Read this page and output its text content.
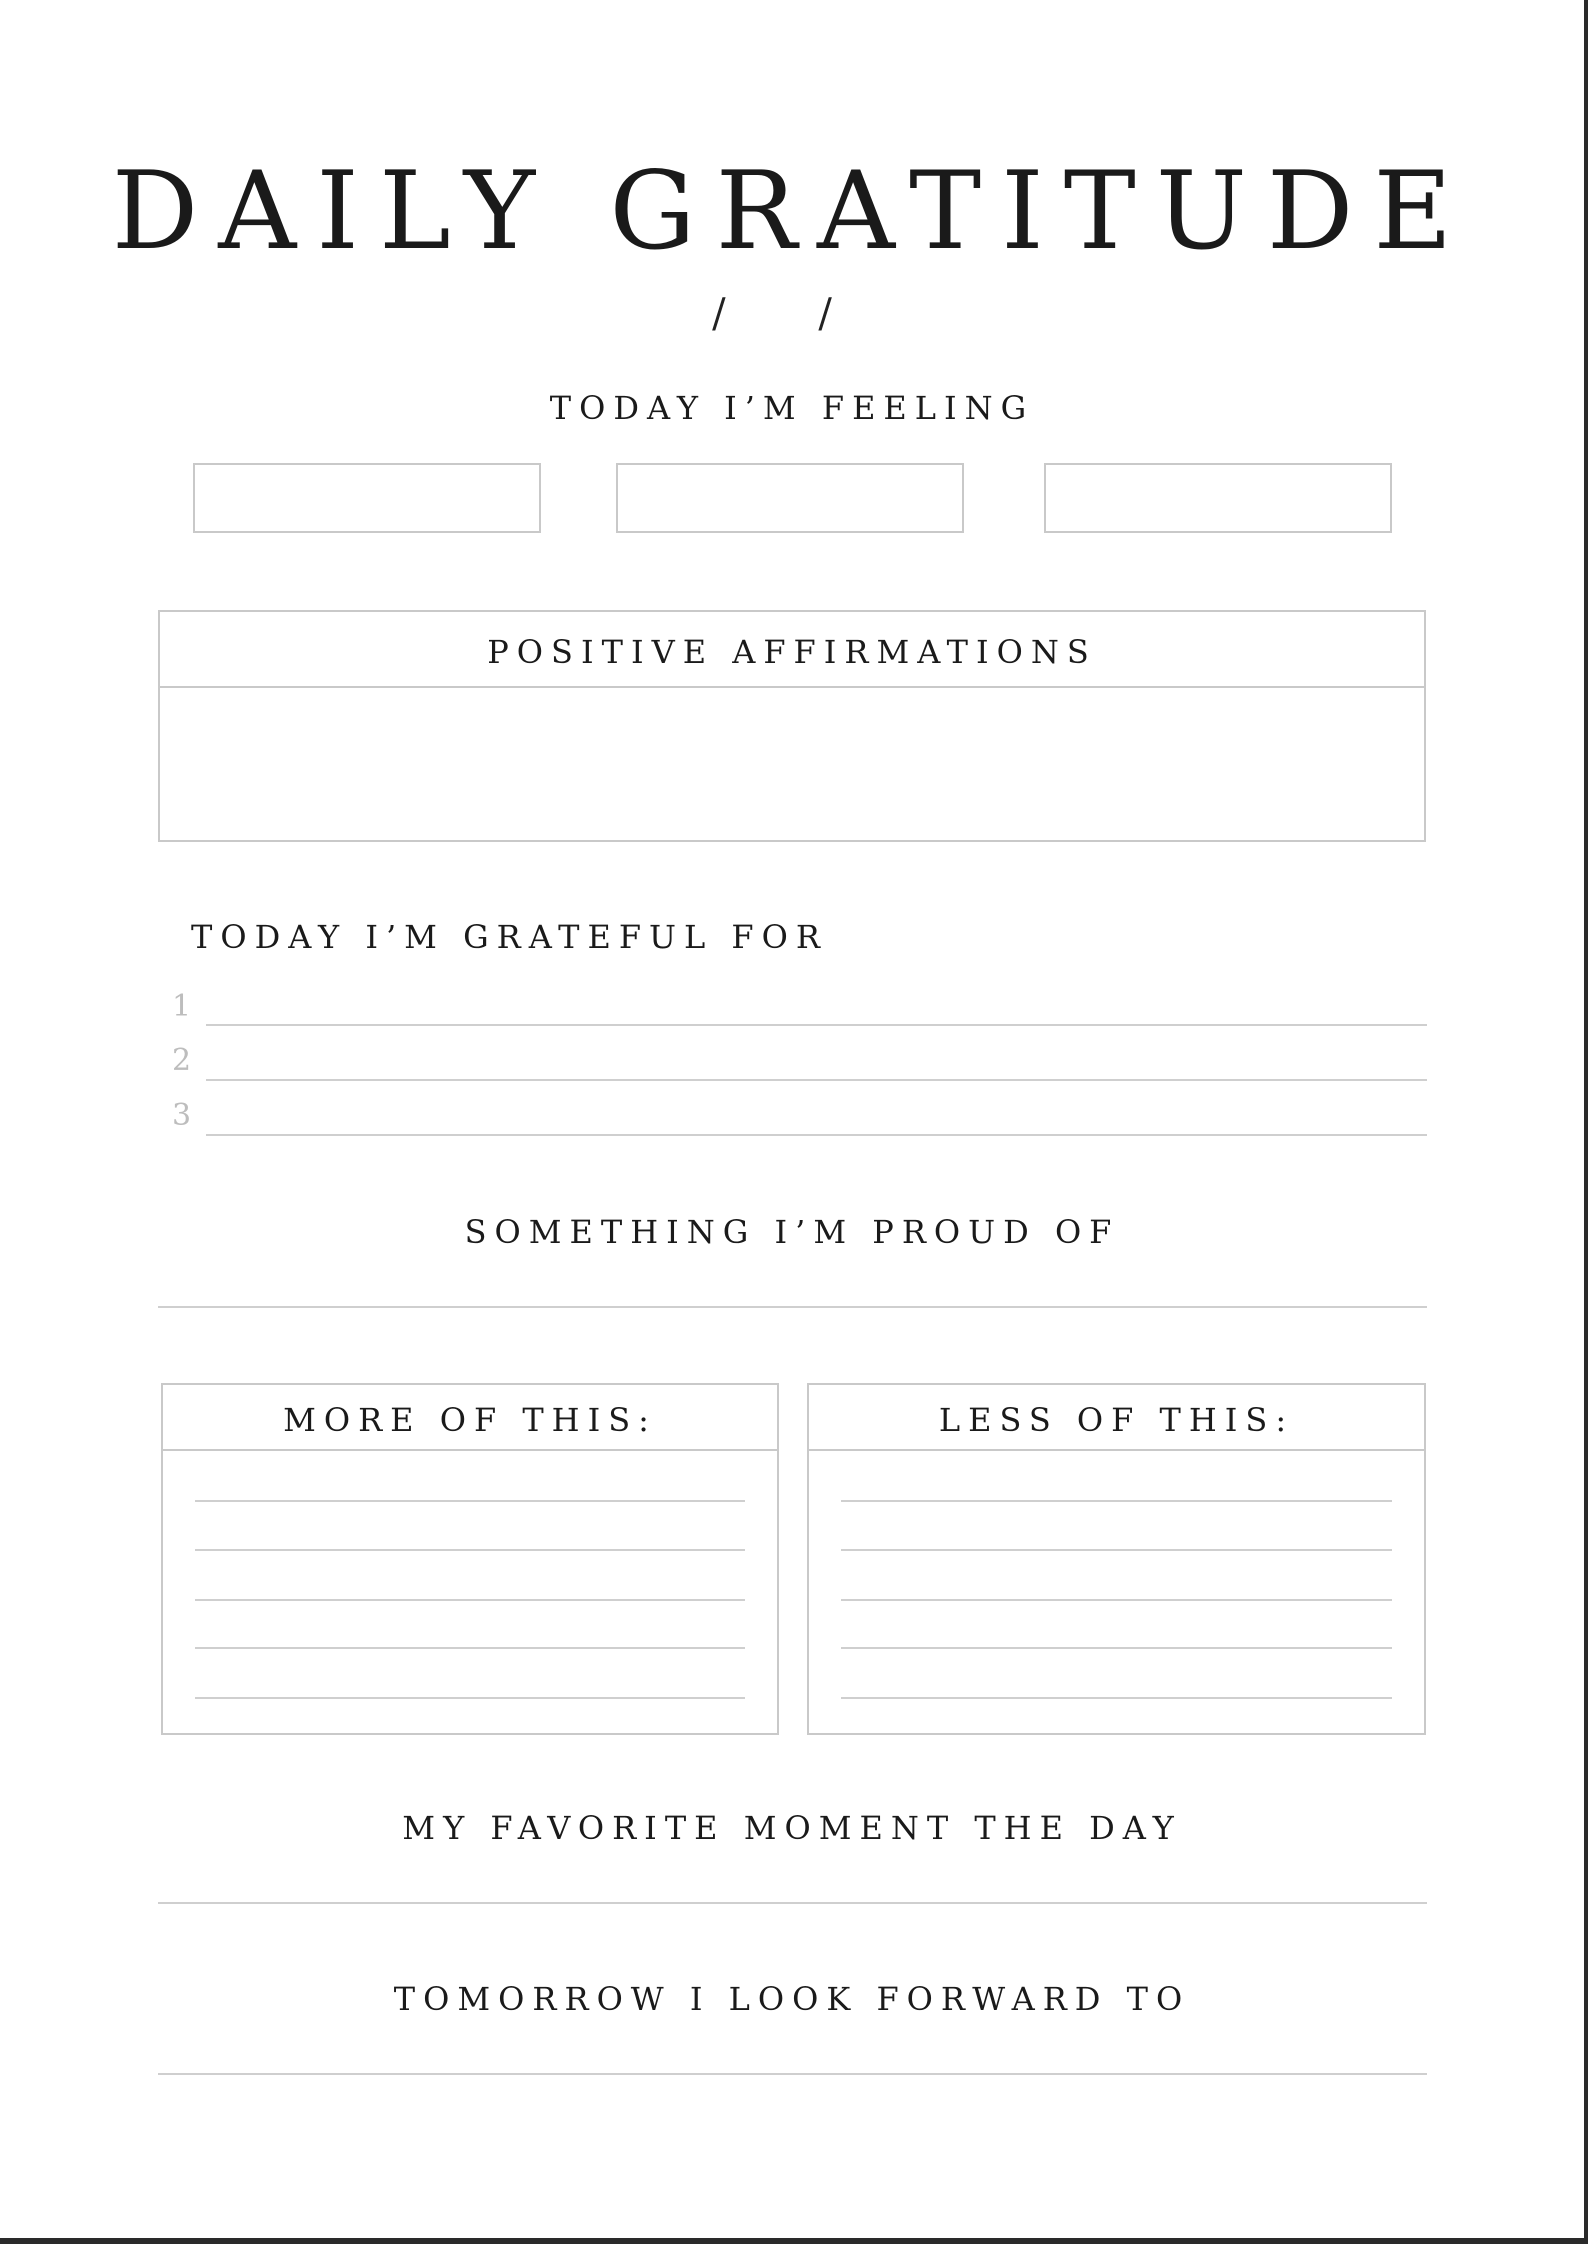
DAILY GRATITUDE
/ /
TODAY I’M FEELING
POSITIVE AFFIRMATIONS
TODAY I’M GRATEFUL FOR
1
2
3
SOMETHING I’M PROUD OF
MORE OF THIS:	LESS OF THIS:
MY FAVORITE MOMENT THE DAY
TOMORROW I LOOK FORWARD TO
